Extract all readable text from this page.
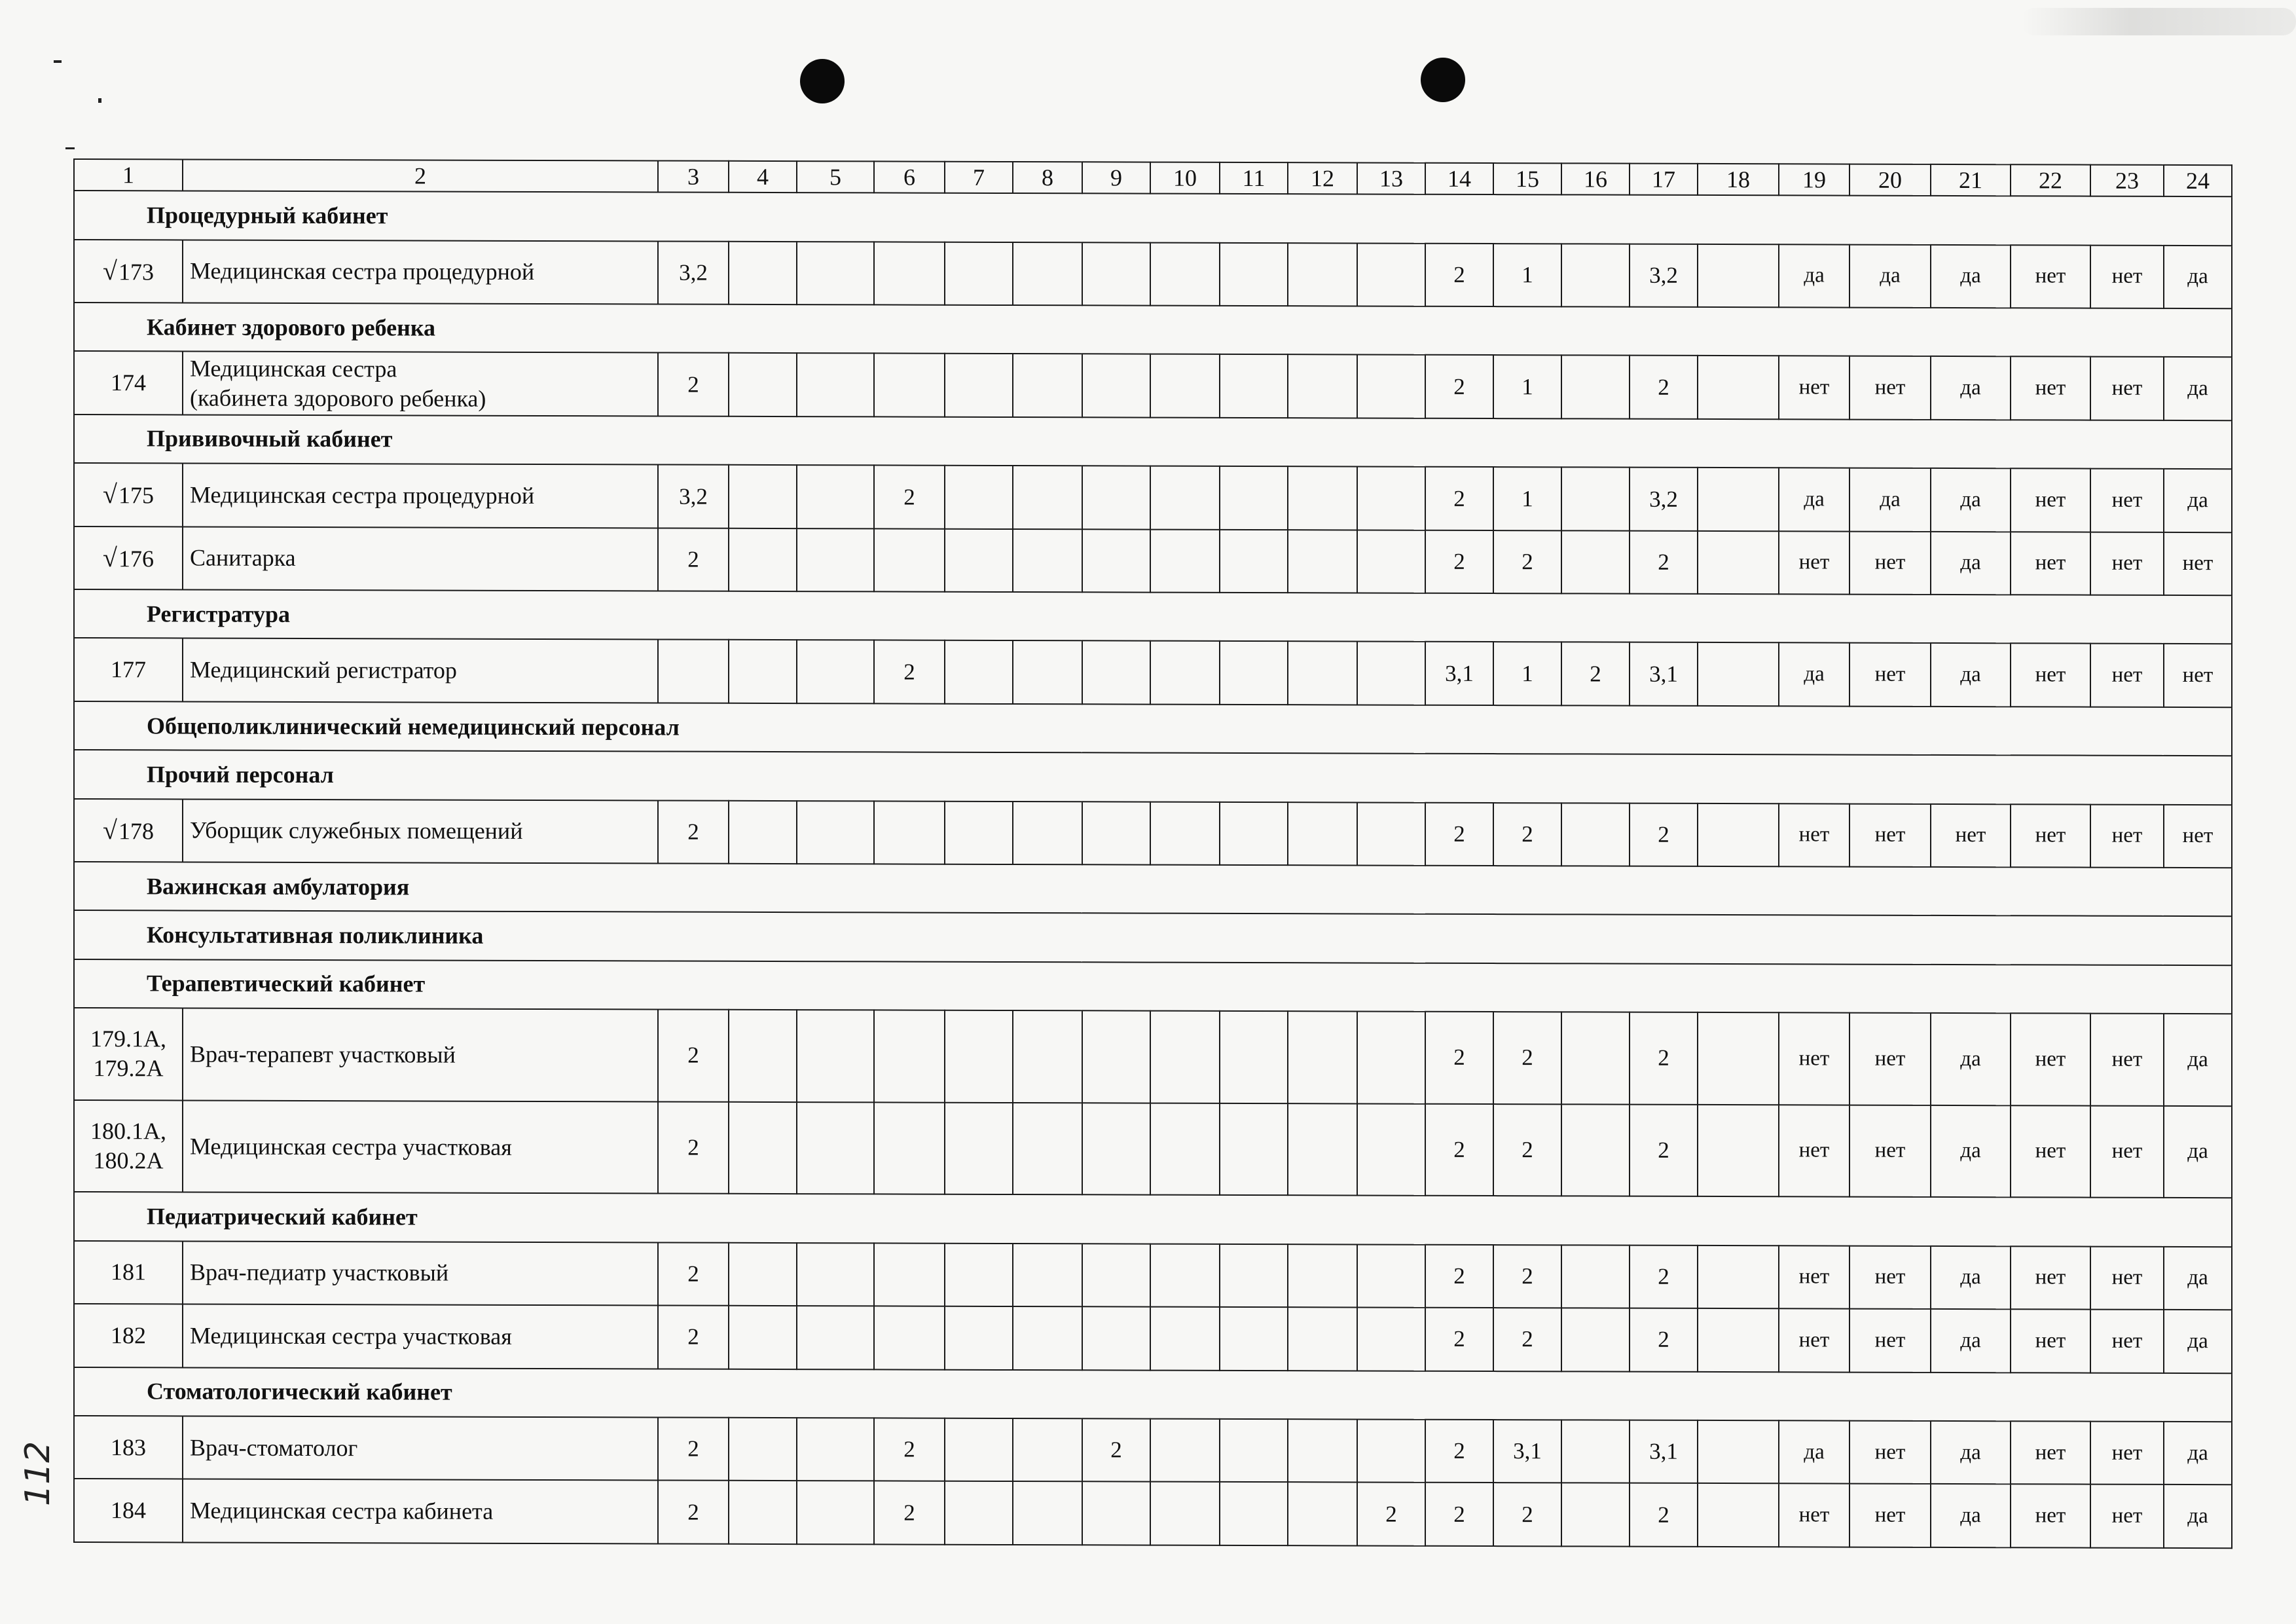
1	2	3	4	5	6	7	8	9	10	11	12	13	14	15	16	17	18	19	20	21	22	23	24
Процедурный кабинет																							
√173	Медицинская сестра процедурной	3,2											2	1		3,2		да	да	да	нет	нет	да
Кабинет здорового ребенка																							
174	Медицинская сестра
(кабинета здорового ребенка)	2											2	1		2		нет	нет	да	нет	нет	да
Прививочный кабинет																							
√175	Медицинская сестра процедурной	3,2			2								2	1		3,2		да	да	да	нет	нет	да
√176	Санитарка	2											2	2		2		нет	нет	да	нет	нет	нет
Регистратура																							
177	Медицинский регистратор				2								3,1	1	2	3,1		да	нет	да	нет	нет	нет
Общеполиклинический немедицинский персонал																							
Прочий персонал																							
√178	Уборщик служебных помещений	2											2	2		2		нет	нет	нет	нет	нет	нет
Важинская амбулатория																							
Консультативная поликлиника																							
Терапевтический кабинет																							
179.1А,
179.2А	Врач-терапевт участковый	2											2	2		2		нет	нет	да	нет	нет	да
180.1А,
180.2А	Медицинская сестра участковая	2											2	2		2		нет	нет	да	нет	нет	да
Педиатрический кабинет																							
181	Врач-педиатр участковый	2											2	2		2		нет	нет	да	нет	нет	да
182	Медицинская сестра участковая	2											2	2		2		нет	нет	да	нет	нет	да
Стоматологический кабинет																							
183	Врач-стоматолог	2			2			2					2	3,1		3,1		да	нет	да	нет	нет	да
184	Медицинская сестра кабинета	2			2							2	2	2		2		нет	нет	да	нет	нет	да
112
